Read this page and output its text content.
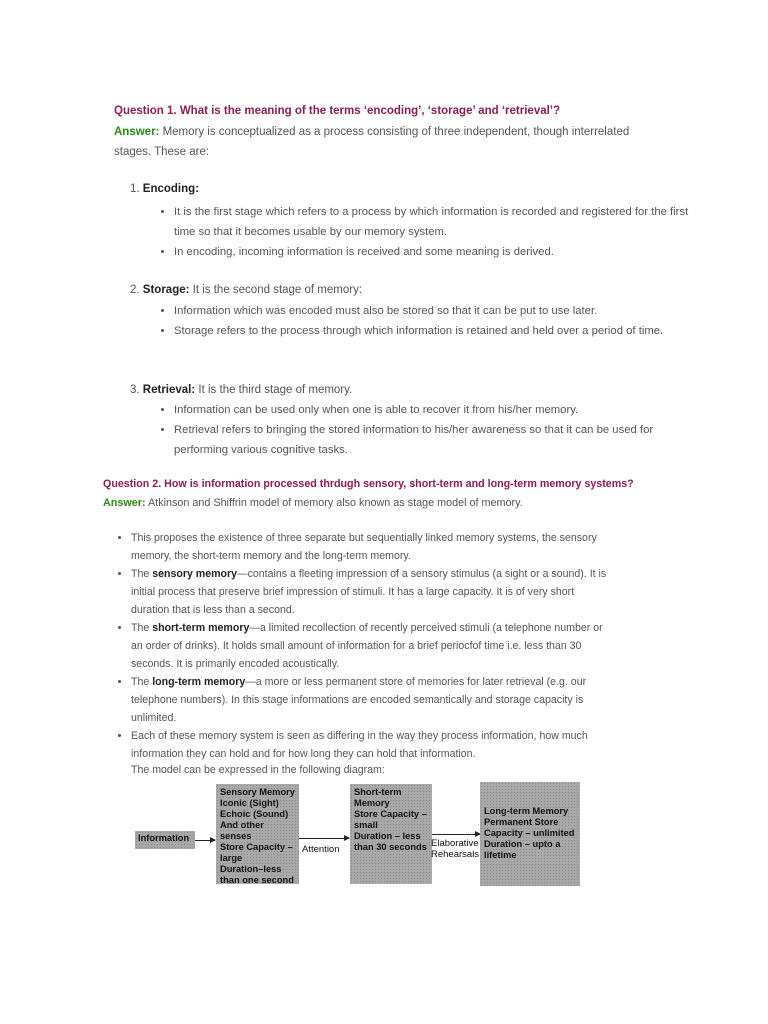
Question 1. What is the meaning of the terms ‘encoding’, ‘storage’ and ‘retrieval’?
Answer: Memory is conceptualized as a process consisting of three independent, though interrelated
stages. These are:
1. Encoding:
• It is the first stage which refers to a process by which information is recorded and registered for the first time so that it becomes usable by our memory system.
• In encoding, incoming information is received and some meaning is derived.
2. Storage: It is the second stage of memory:
• Information which was encoded must also be stored so that it can be put to use later.
• Storage refers to the process through which information is retained and held over a period of time.
3. Retrieval: It is the third stage of memory.
• Information can be used only when one is able to recover it from his/her memory.
• Retrieval refers to bringing the stored information to his/her awareness so that it can be used for performing various cognitive tasks.
Question 2. How is information processed thrdugh sensory, short-term and long-term memory systems?
Answer: Atkinson and Shiffrin model of memory also known as stage model of memory.
• This proposes the existence of three separate but sequentially linked memory systems, the sensory memory, the short-term memory and the long-term memory.
• The sensory memory—contains a fleeting impression of a sensory stimulus (a sight or a sound). It is initial process that preserve brief impression of stimuli. It has a large capacity. It is of very short duration that is less than a second.
• The short-term memory—a limited recollection of recently perceived stimuli (a telephone number or an order of drinks). It holds small amount of information for a brief periocfof time i.e. less than 30 seconds. It is primarily encoded acoustically.
• The long-term memory—a more or less permanent store of memories for later retrieval (e.g. our telephone numbers). In this stage informations are encoded semantically and storage capacity is unlimited.
• Each of these memory system is seen as differing in the way they process information, how much information they can hold and for how long they can hold that information.
The model can be expressed in the following diagram:
Information
Sensory Memory
Iconic (Sight)
Echoic (Sound)
And other senses
Store Capacity –
large
Duration–less
than one second
Attention
Short-term
Memory
Store Capacity –
small
Duration – less
than 30 seconds Elaborative
Rehearsals
Long-term Memory
Permanent Store
Capacity – unlimited
Duration – upto a
lifetime
